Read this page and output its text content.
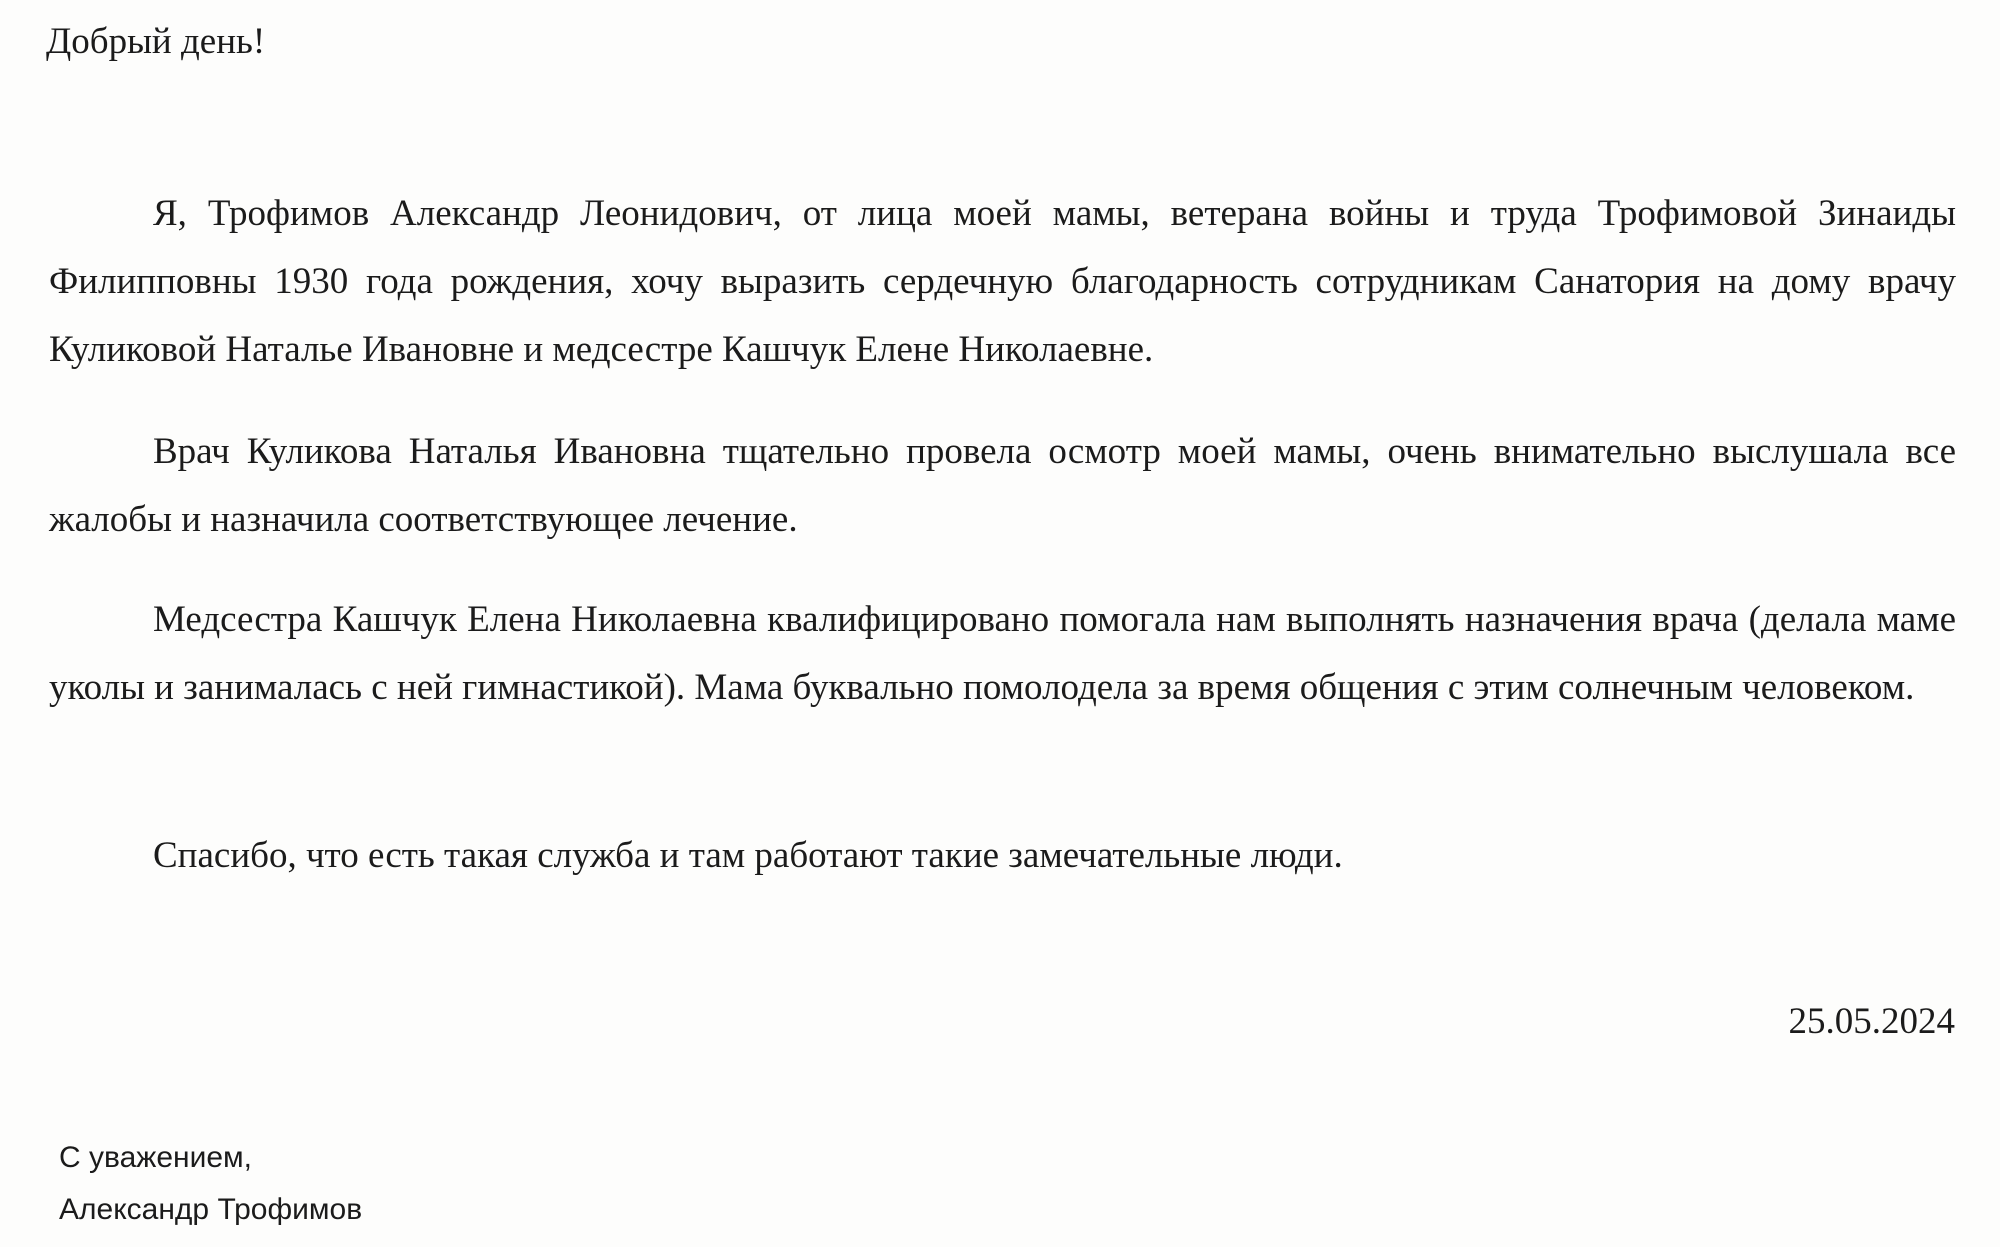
Добрый день!

Я, Трофимов Александр Леонидович, от лица моей мамы, ветерана войны и труда Трофимовой Зинаиды Филипповны 1930 года рождения, хочу выразить сердечную благодарность сотрудникам Санатория на дому врачу Куликовой Наталье Ивановне и медсестре Кашчук Елене Николаевне.

Врач Куликова Наталья Ивановна тщательно провела осмотр моей мамы, очень внимательно выслушала все жалобы и назначила соответствующее лечение.

Медсестра Кашчук Елена Николаевна квалифицировано помогала нам выполнять назначения врача (делала маме уколы и занималась с ней гимнастикой). Мама буквально помолодела за время общения с этим солнечным человеком.

Спасибо, что есть такая служба и там работают такие замечательные люди.

25.05.2024
С уважением,
Александр Трофимов
